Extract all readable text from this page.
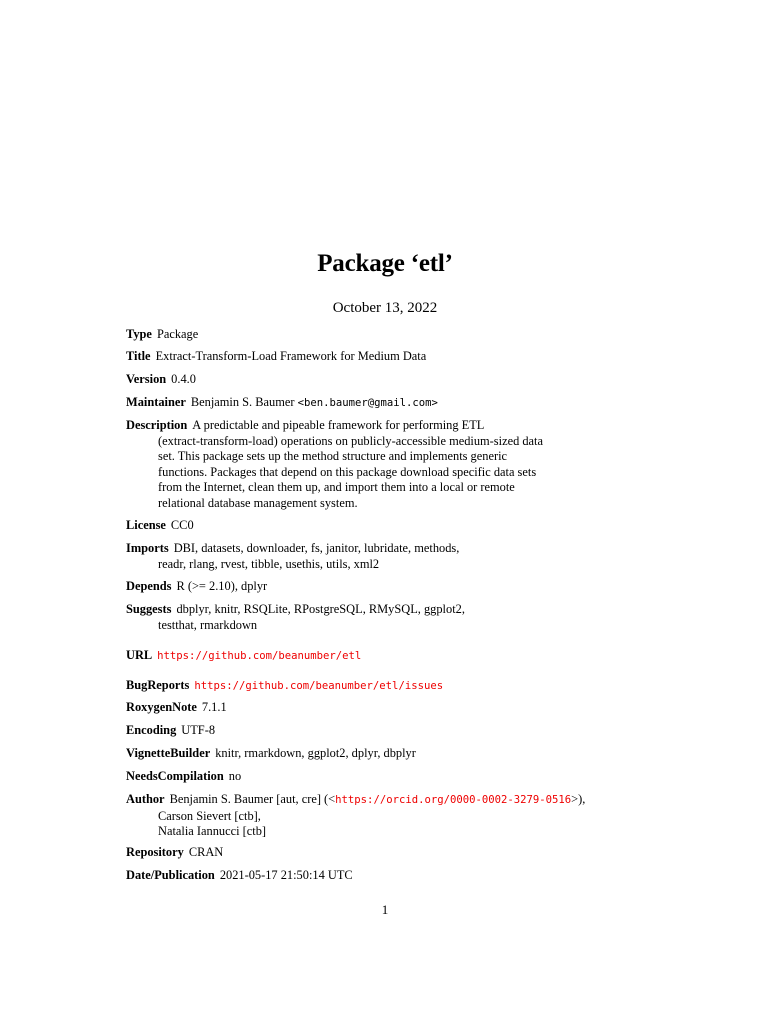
Package ‘etl’
October 13, 2022
Type Package
Title Extract-Transform-Load Framework for Medium Data
Version 0.4.0
Maintainer Benjamin S. Baumer <ben.baumer@gmail.com>
Description A predictable and pipeable framework for performing ETL
(extract-transform-load) operations on publicly-accessible medium-sized data
set. This package sets up the method structure and implements generic
functions. Packages that depend on this package download specific data sets
from the Internet, clean them up, and import them into a local or remote
relational database management system.
License CC0
Imports DBI, datasets, downloader, fs, janitor, lubridate, methods,
readr, rlang, rvest, tibble, usethis, utils, xml2
Depends R (>= 2.10), dplyr
Suggests dbplyr, knitr, RSQLite, RPostgreSQL, RMySQL, ggplot2,
testthat, rmarkdown
URL https://github.com/beanumber/etl
BugReports https://github.com/beanumber/etl/issues
RoxygenNote 7.1.1
Encoding UTF-8
VignetteBuilder knitr, rmarkdown, ggplot2, dplyr, dbplyr
NeedsCompilation no
Author Benjamin S. Baumer [aut, cre] (<https://orcid.org/0000-0002-3279-0516>),
Carson Sievert [ctb],
Natalia Iannucci [ctb]
Repository CRAN
Date/Publication 2021-05-17 21:50:14 UTC
1
